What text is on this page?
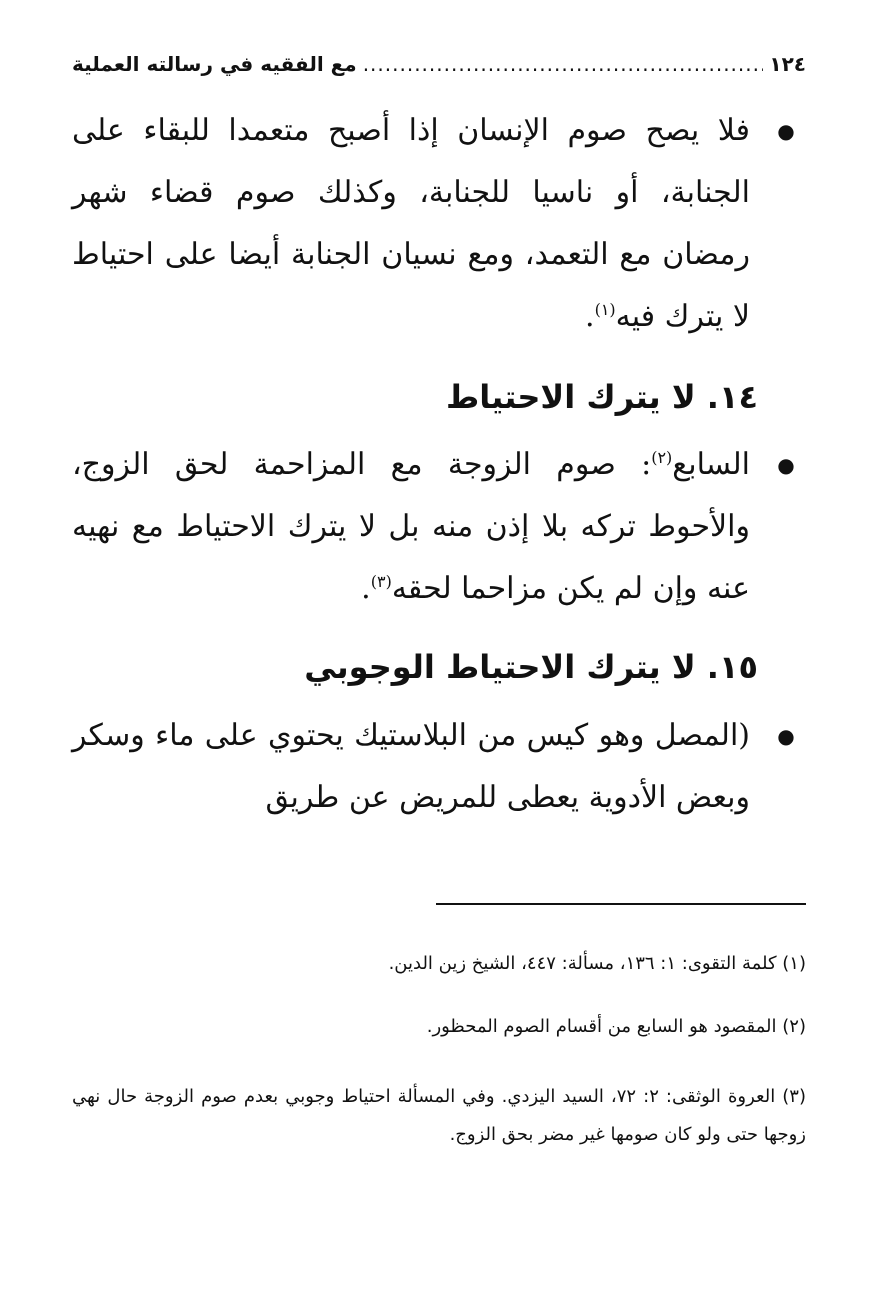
١٢٤
.....
مع الفقيه في رسالته العملية
●
فلا يصح صوم الإنسان إذا أصبح متعمدا للبقاء على الجنابة، أو ناسيا للجنابة، وكذلك صوم قضاء شهر رمضان مع التعمد، ومع نسيان الجنابة أيضا على احتياط لا يترك فيه$^{(١)}$.
١٤. لا يترك الاحتياط
●
السابع$^{(٢)}$: صوم الزوجة مع المزاحمة لحق الزوج، والأحوط تركه بلا إذن منه بل لا يترك الاحتياط مع نهيه عنه وإن لم يكن مزاحما لحقه$^{(٣)}$.
١٥. لا يترك الاحتياط الوجوبي
●
(المصل وهو كيس من البلاستيك يحتوي على ماء وسكر وبعض الأدوية يعطى للمريض عن طريق
(١) كلمة التقوى: ١: ١٣٦، مسألة: ٤٤٧، الشيخ زين الدين.
(٢) المقصود هو السابع من أقسام الصوم المحظور.
(٣) العروة الوثقى: ٢: ٧٢، السيد اليزدي. وفي المسألة احتياط وجوبي بعدم صوم الزوجة حال نهي زوجها حتى ولو كان صومها غير مضر بحق الزوج.
